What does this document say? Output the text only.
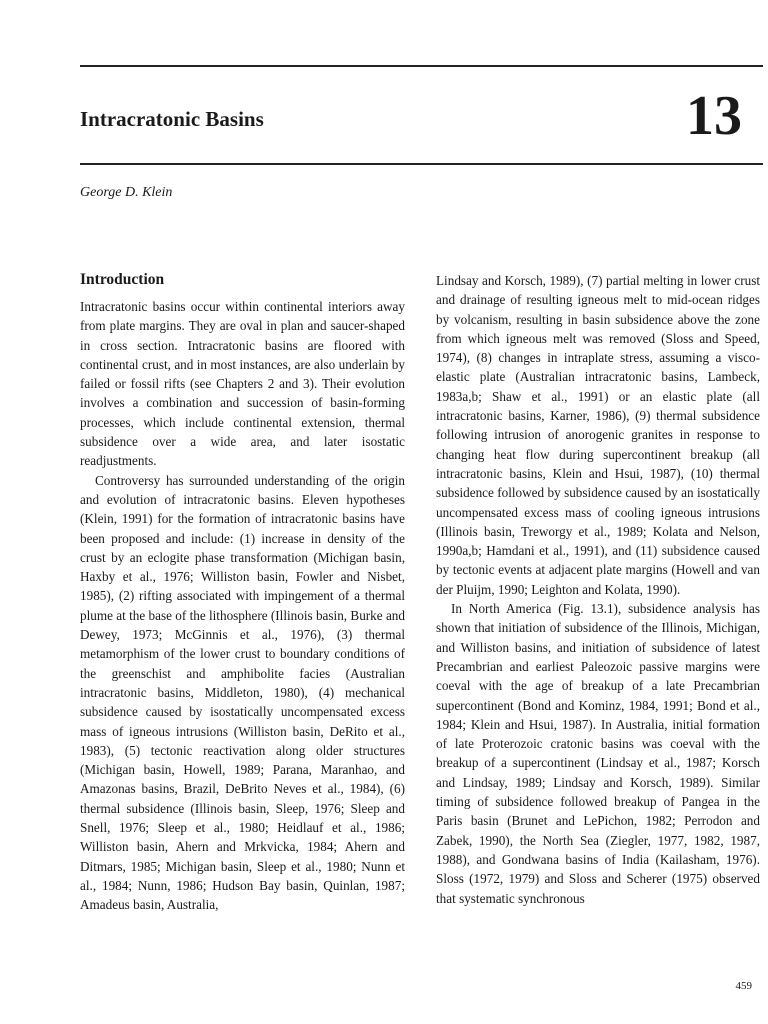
Intracratonic Basins	13

George D. Klein

Introduction

Intracratonic basins occur within continental interiors away from plate margins. They are oval in plan and saucer-shaped in cross section. Intracratonic basins are floored with continental crust, and in most instances, are also underlain by failed or fossil rifts (see Chapters 2 and 3). Their evolution involves a combination and succession of basin-forming processes, which include continental extension, thermal subsidence over a wide area, and later isostatic readjustments.

Controversy has surrounded understanding of the origin and evolution of intracratonic basins. Eleven hypotheses (Klein, 1991) for the formation of intracratonic basins have been proposed and include: (1) increase in density of the crust by an eclogite phase transformation (Michigan basin, Haxby et al., 1976; Williston basin, Fowler and Nisbet, 1985), (2) rifting associated with impingement of a thermal plume at the base of the lithosphere (Illinois basin, Burke and Dewey, 1973; McGinnis et al., 1976), (3) thermal metamorphism of the lower crust to boundary conditions of the greenschist and amphibolite facies (Australian intracratonic basins, Middleton, 1980), (4) mechanical subsidence caused by isostatically uncompensated excess mass of igneous intrusions (Williston basin, DeRito et al., 1983), (5) tectonic reactivation along older structures (Michigan basin, Howell, 1989; Parana, Maranhao, and Amazonas basins, Brazil, DeBrito Neves et al., 1984), (6) thermal subsidence (Illinois basin, Sleep, 1976; Sleep and Snell, 1976; Sleep et al., 1980; Heidlauf et al., 1986; Williston basin, Ahern and Mrkvicka, 1984; Ahern and Ditmars, 1985; Michigan basin, Sleep et al., 1980; Nunn et al., 1984; Nunn, 1986; Hudson Bay basin, Quinlan, 1987; Amadeus basin, Australia,

Lindsay and Korsch, 1989), (7) partial melting in lower crust and drainage of resulting igneous melt to mid-ocean ridges by volcanism, resulting in basin subsidence above the zone from which igneous melt was removed (Sloss and Speed, 1974), (8) changes in intraplate stress, assuming a visco-elastic plate (Australian intracratonic basins, Lambeck, 1983a,b; Shaw et al., 1991) or an elastic plate (all intracratonic basins, Karner, 1986), (9) thermal subsidence following intrusion of anorogenic granites in response to changing heat flow during supercontinent breakup (all intracratonic basins, Klein and Hsui, 1987), (10) thermal subsidence followed by subsidence caused by an isostatically uncompensated excess mass of cooling igneous intrusions (Illinois basin, Treworgy et al., 1989; Kolata and Nelson, 1990a,b; Hamdani et al., 1991), and (11) subsidence caused by tectonic events at adjacent plate margins (Howell and van der Pluijm, 1990; Leighton and Kolata, 1990).

In North America (Fig. 13.1), subsidence analysis has shown that initiation of subsidence of the Illinois, Michigan, and Williston basins, and initiation of subsidence of latest Precambrian and earliest Paleozoic passive margins were coeval with the age of breakup of a late Precambrian supercontinent (Bond and Kominz, 1984, 1991; Bond et al., 1984; Klein and Hsui, 1987). In Australia, initial formation of late Proterozoic cratonic basins was coeval with the breakup of a supercontinent (Lindsay et al., 1987; Korsch and Lindsay, 1989; Lindsay and Korsch, 1989). Similar timing of subsidence followed breakup of Pangea in the Paris basin (Brunet and LePichon, 1982; Perrodon and Zabek, 1990), the North Sea (Ziegler, 1977, 1982, 1987, 1988), and Gondwana basins of India (Kailasham, 1976). Sloss (1972, 1979) and Sloss and Scherer (1975) observed that systematic synchronous

459
